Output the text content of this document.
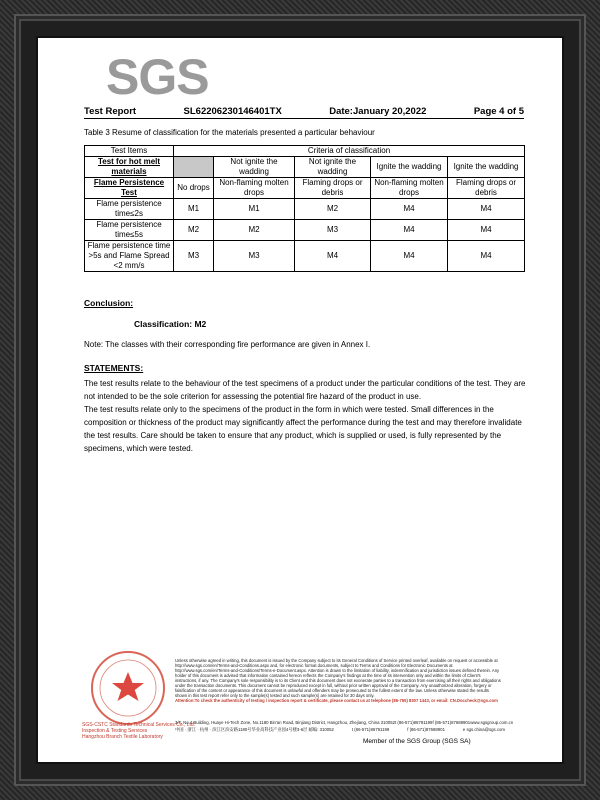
SGS
Test Report	SL62206230146401TX	Date:January 20,2022	Page 4 of 5
Table 3 Resume of classification for the materials presented a particular behaviour
Test Items	Criteria of classification				
Test for hot melt materials		Not ignite the wadding	Not ignite the wadding	Ignite the wadding	Ignite the wadding
Flame Persistence Test	No drops	Non-flaming molten drops	Flaming drops or debris	Non-flaming molten drops	Flaming drops or debris
Flame persistence time≤2s	M1	M1	M2	M4	M4
Flame persistence time≤5s	M2	M2	M3	M4	M4
Flame persistence time >5s and Flame Spread <2 mm/s	M3	M3	M4	M4	M4
Conclusion:
Classification: M2
Note: The classes with their corresponding fire performance are given in Annex I.
STATEMENTS:

The test results relate to the behaviour of the test specimens of a product under the particular conditions of the test. They are not intended to be the sole criterion for assessing the potential fire hazard of the product in use.

The test results relate only to the specimens of the product in the form in which were tested. Small differences in the composition or thickness of the product may significantly affect the performance during the test and may therefore invalidate the test results. Care should be taken to ensure that any product, which is supplied or used, is fully represented by the specimens, which were tested.

SGS-CSTC Standards Technical Services Co., Ltd.
Inspection & Testing Services
Hangzhou Branch Textile Laboratory

Unless otherwise agreed in writing, this document is issued by the Company subject to its General Conditions of Service printed overleaf, available on request or accessible at http://www.sgs.com/en/Terms-and-Conditions.aspx and, for electronic format documents, subject to Terms and Conditions for Electronic Documents at http://www.sgs.com/en/Terms-and-Conditions/Terms-e-Document.aspx. Attention is drawn to the limitation of liability, indemnification and jurisdiction issues defined therein. Any holder of this document is advised that information contained hereon reflects the Company's findings at the time of its intervention only and within the limits of Client's instructions, if any. The Company's sole responsibility is to its Client and this document does not exonerate parties to a transaction from exercising all their rights and obligations under the transaction documents. This document cannot be reproduced except in full, without prior written approval of the Company. Any unauthorized alteration, forgery or falsification of the content or appearance of this document is unlawful and offenders may be prosecuted to the fullest extent of the law. Unless otherwise stated the results shown in this test report refer only to the sample(s) tested and such sample(s) are retained for 30 days only.

Attention:To check the authenticity of testing / inspection report & certificate, please contact us at telephone (86-755) 8307 1443, or email: CN.Doccheck@sgs.com

3/F, No.4 Building, Huaye Hi-Tech Zone, No.1180 Bin'an Road, Binjiang District, Hangzhou, Zhejiang, China 310052 t (86-571)86791199 f (86-571)87688901 www.sgsgroup.com.cn
中国 · 浙江 · 杭州 · 滨江区滨安路1180号华业高科技产业园4号楼3-6层 邮编: 310052	t (86-571)86791199	f (86-571)87688901	e sgs.china@sgs.com
Member of the SGS Group (SGS SA)
